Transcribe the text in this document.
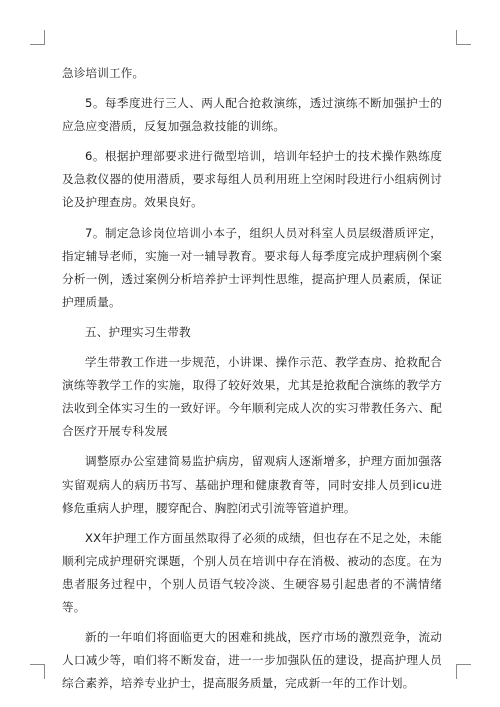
急诊培训工作。

5。每季度进行三人、两人配合抢救演练，透过演练不断加强护士的应急应变潜质，反复加强急救技能的训练。

6。根据护理部要求进行微型培训，培训年轻护士的技术操作熟练度及急救仪器的使用潜质，要求每组人员利用班上空闲时段进行小组病例讨论及护理查房。效果良好。

7。制定急诊岗位培训小本子，组织人员对科室人员层级潜质评定，指定辅导老师，实施一对一辅导教育。要求每人每季度完成护理病例个案分析一例，透过案例分析培养护士评判性思维，提高护理人员素质，保证护理质量。

五、护理实习生带教

学生带教工作进一步规范，小讲课、操作示范、教学查房、抢救配合演练等教学工作的实施，取得了较好效果，尤其是抢救配合演练的教学方法收到全体实习生的一致好评。今年顺利完成人次的实习带教任务六、配合医疗开展专科发展

调整原办公室建简易监护病房，留观病人逐渐增多，护理方面加强落实留观病人的病历书写、基础护理和健康教育等，同时安排人员到icu进修危重病人护理，腰穿配合、胸腔闭式引流等管道护理。

XX年护理工作方面虽然取得了必须的成绩，但也存在不足之处，未能顺利完成护理研究课题，个别人员在培训中存在消极、被动的态度。在为患者服务过程中，个别人员语气较冷淡、生硬容易引起患者的不满情绪等。

新的一年咱们将面临更大的困难和挑战，医疗市场的激烈竞争，流动人口减少等，咱们将不断发奋，进一一步加强队伍的建设，提高护理人员综合素养，培养专业护士，提高服务质量，完成新一年的工作计划。
